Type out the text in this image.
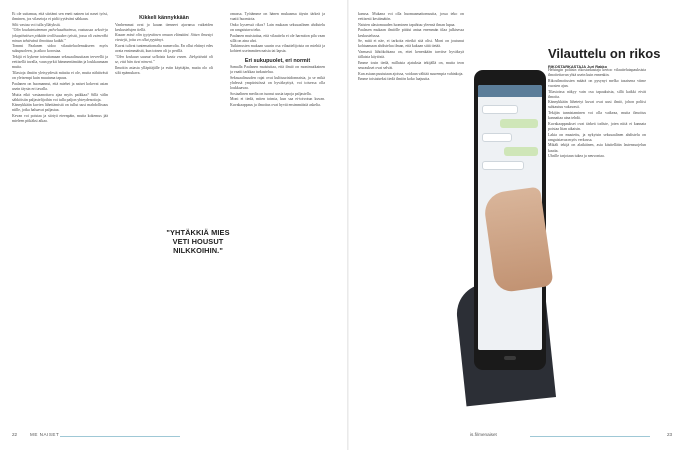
Ei ole suttamaa, että siirtämi sen eneti nainen tai naset työsi, ihminen, jos vilasetoja ei pidä tyytäväni sähkaan.

Silti vastuu voi tulla yllätyksiä.

"Olin koulutetuimman palvelusahtaimsa, vastuussa sekoit-ja jokapäiväisen pitkään teollisuuden työstä, jossa oli esimerkki minun tehtävänä ilmoittaa kaikki."

Tommi Paalanen sidoo vilautteluolemukseen myös sukupuoleen, ja aikoo korostaa.

Tekijä ei kykene toteuttamaan seksuaalisuuttaan terveellä ja eettisellä tavalla, vaan pyrkii hämmentämään ja loukkaamaan muita.

Tilastoja ilmiön yleisyydestä mitattu ei ole, mutta nähtävästi on yleisempi kuin muutama tapaus.

Paalanen on huomannut, että miehet ja naiset kokevat asian usein täysin eri tavalla.

Mutta eikö vastaanottava ajaa myös paikkaa? Sillä välin sähköisiin paljastelijoihin voi tulla paljon yhteydenottoja.

Kännykkään kuvien lähettämistä on tullut uusi mahdollisuus niille, jotka haluavat paljastaa.

Kevan voi poistaa ja siirtyä eteenpäin, mutta kokemus jää mieleen pitkäksi aikaa.

Kikkeli kännykkään

Vanhemmat ovat jo kauan tienneet ajavansa vaikeiden keskustelujen tiellä.

Kauan minä olin tyytyväinen omaan elämääni. Sitten ilmestyi viestejä, joita en ollut pyytänyt.

Kuvat tulivat tuntemattomalta numerolta. En ollut ehtinyt edes avata ensimmäistä, kun toinen oli jo perillä.

"Olen koskaan saanut sellaisia kuvia ennen. Järkyttävää oli se, että hän tiesi nimeni."

Ilmoitin asiasta ylläpitäjälle ja estin käyttäjän, mutta olo oli silti epämukava.

"YHTÄKKIÄ MIES VETI HOUSUT NILKKOIHIN."

omassa. Työtämme on hänen mukaansa täysin tärkeä ja vaatii huomiota.

Onko kyseessä rikos? Lain mukaan seksuaalinen ahdistelu on rangaistava teko.

Paalanen muistuttaa, että vilauttelu ei ole harmiton pila vaan sillä on aina uhri.

Tutkimusten mukaan suurin osa vilauttelijoista on miehiä ja kohteet useimmiten naisia tai lapsia.

Eri sukupuolet, eri normit

Samalla Paalanen muistuttaa, että ilmiö on monimutkainen ja vaatii tarkkaa tarkastelua.

Seksuaalisuuden rajat ovat kulttuurisidonnaisia, ja se mikä yhdessä ympäristössä on hyväksyttyä, voi toisessa olla loukkaavaa.

Sosiaalinen media on tuonut uusia tapoja paljastella.

Moni ei tiedä, miten toimia, kun saa ei-toivotun kuvan. Kuvakaappaus ja ilmoitus ovat hyviä ensimmäisiä askelia.

kanssa. Mukana voi olla huomaamattomuutta, jossa teko on eettisesti kestämätön.

Naisten alastomuuden luominen tapahtuu yleensä ilman lupaa.

Paalasen mukaan ilmiölle pitäisi antaa enemmän tilaa julkisessa keskustelussa.

Se, mitä ei näe, ei tarkoita etteikö sitä olisi. Moni on joutunut kohtaamaan ahdistelua ilman, että kukaan siitä tietää.

Varmasti lähtökohtana on, ettei kenenkään tarvitse hyväksyä tällaista käytöstä.

Emme tosin tiedä, millaisia ajatuksia tekijällä on, mutta teon seuraukset ovat selvät.

Kun asiaan puututaan ajoissa, voidaan välttää suurempia vahinkoja.

Emme toistaiseksi tiedä ilmiön koko laajuutta.

Vilauttelu on rikos
RIKOSTARKASTAJA Juri Rakko

Helsingin poliisin rikostarkastaja kertoo vilauttelutapauksista ilmoitettavan yhtä usein kuin ennenkin.

Rikosilmoitusten määrä on pysynyt melko tasaisena viime vuosien ajan.

Tilastoissa näkyy vain osa tapauksista, sillä kaikki eivät ilmoita.

Kännykkään lähetetyt kuvat ovat uusi ilmiö, johon poliisi suhtautuu vakavasti.

Tekijän tunnistaminen voi olla vaikeaa, mutta ilmoitus kannattaa aina tehdä.

Kuvakaappaukset ovat tärkeä todiste, joten niitä ei kannata poistaa liian aikaisin.

Lakia on muutettu, ja nykyisin seksuaalinen ahdistelu on rangaistavaa myös verkossa.

Mikäli tekijä on alaikäinen, asia käsitellään lastensuojelun kautta.

Uhrille tarjotaan tukea ja neuvontaa.

22	ME NAISET	is.fi/menaiset	23
